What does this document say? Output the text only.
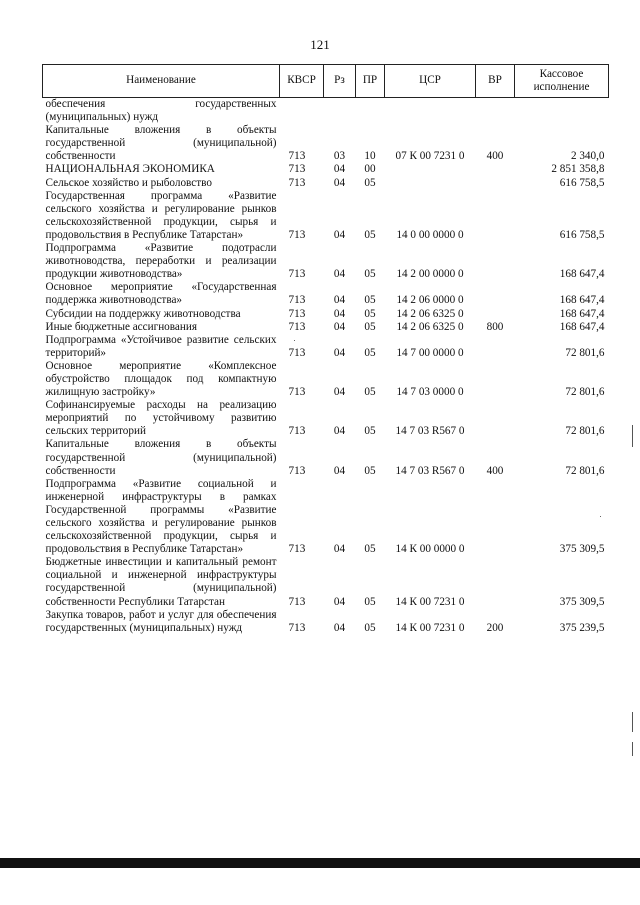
121
Наименование	КВСР	Рз	ПР	ЦСР	ВР	Кассовое исполнение
обеспечения государственных (муниципальных) нужд						
Капитальные вложения в объекты государственной (муниципальной) собственности	713	03	10	07 К 00 7231 0	400	2 340,0
НАЦИОНАЛЬНАЯ ЭКОНОМИКА	713	04	00			2 851 358,8
Сельское хозяйство и рыболовство	713	04	05			616 758,5
Государственная программа «Развитие сельского хозяйства и регулирование рынков сельскохозяйственной продукции, сырья и продовольствия в Республике Татарстан»	713	04	05	14 0 00 0000 0		616 758,5
Подпрограмма «Развитие подотрасли животноводства, переработки и реализации продукции животноводства»	713	04	05	14 2 00 0000 0		168 647,4
Основное мероприятие «Государственная поддержка животноводства»	713	04	05	14 2 06 0000 0		168 647,4
Субсидии на поддержку животноводства	713	04	05	14 2 06 6325 0		168 647,4
Иные бюджетные ассигнования	713	04	05	14 2 06 6325 0	800	168 647,4
Подпрограмма «Устойчивое развитие сельских территорий»	713	04	05	14 7 00 0000 0		72 801,6
Основное мероприятие «Комплексное обустройство площадок под компактную жилищную застройку»	713	04	05	14 7 03 0000 0		72 801,6
Софинансируемые расходы на реализацию мероприятий по устойчивому развитию сельских территорий	713	04	05	14 7 03 R567 0		72 801,6
Капитальные вложения в объекты государственной (муниципальной) собственности	713	04	05	14 7 03 R567 0	400	72 801,6
Подпрограмма «Развитие социальной и инженерной инфраструктуры в рамках Государственной программы «Развитие сельского хозяйства и регулирование рынков сельскохозяйственной продукции, сырья и продовольствия в Республике Татарстан»	713	04	05	14 К 00 0000 0		375 309,5
Бюджетные инвестиции и капитальный ремонт социальной и инженерной инфраструктуры государственной (муниципальной) собственности Республики Татарстан	713	04	05	14 К 00 7231 0		375 309,5
Закупка товаров, работ и услуг для обеспечения государственных (муниципальных) нужд	713	04	05	14 К 00 7231 0	200	375 239,5
